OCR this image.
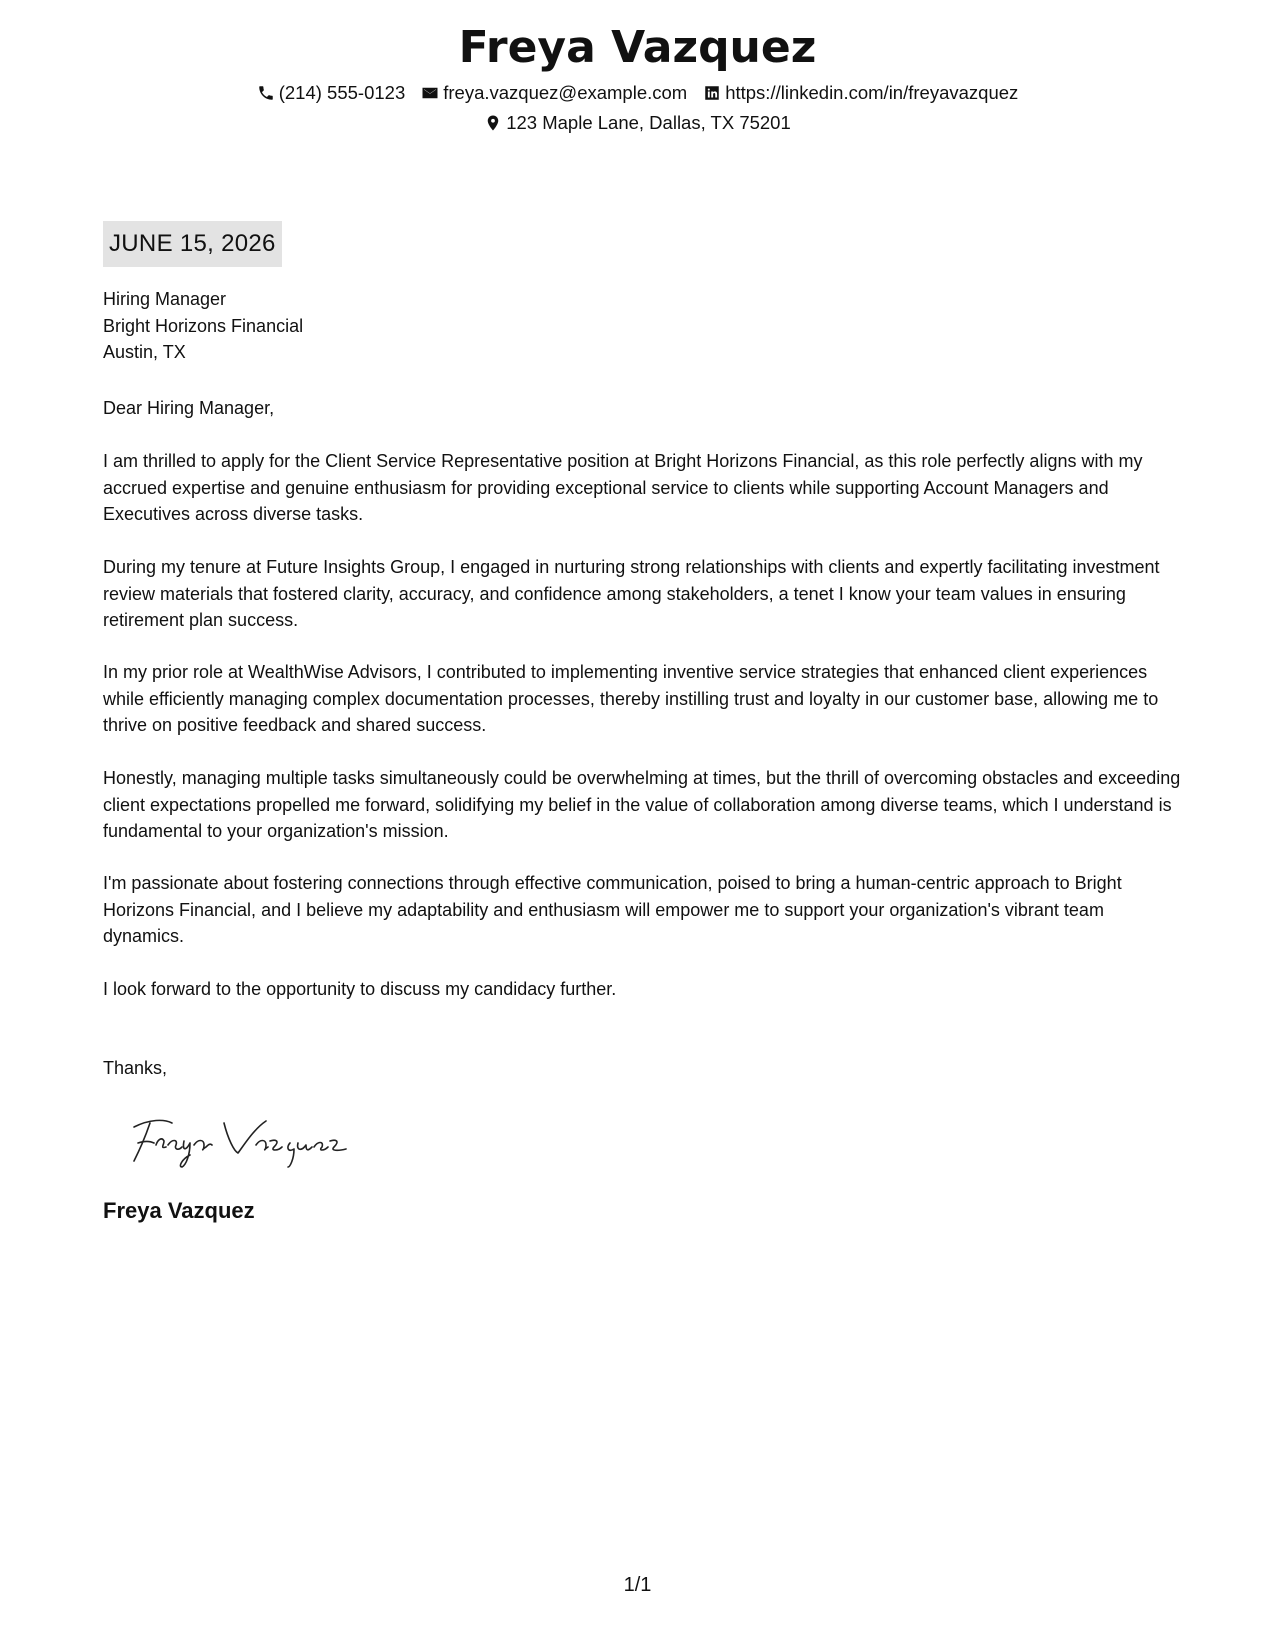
Freya Vazquez
(214) 555-0123 freya.vazquez@example.com https://linkedin.com/in/freyavazquez
123 Maple Lane, Dallas, TX 75201
JUNE 15, 2026
Hiring Manager
Bright Horizons Financial
Austin, TX

Dear Hiring Manager,

I am thrilled to apply for the Client Service Representative position at Bright Horizons Financial, as this role perfectly aligns with my accrued expertise and genuine enthusiasm for providing exceptional service to clients while supporting Account Managers and Executives across diverse tasks.

During my tenure at Future Insights Group, I engaged in nurturing strong relationships with clients and expertly facilitating investment review materials that fostered clarity, accuracy, and confidence among stakeholders, a tenet I know your team values in ensuring retirement plan success.

In my prior role at WealthWise Advisors, I contributed to implementing inventive service strategies that enhanced client experiences while efficiently managing complex documentation processes, thereby instilling trust and loyalty in our customer base, allowing me to thrive on positive feedback and shared success.

Honestly, managing multiple tasks simultaneously could be overwhelming at times, but the thrill of overcoming obstacles and exceeding client expectations propelled me forward, solidifying my belief in the value of collaboration among diverse teams, which I understand is fundamental to your organization's mission.

I'm passionate about fostering connections through effective communication, poised to bring a human-centric approach to Bright Horizons Financial, and I believe my adaptability and enthusiasm will empower me to support your organization's vibrant team dynamics.

I look forward to the opportunity to discuss my candidacy further.

Thanks,

Freya Vazquez
1/1
